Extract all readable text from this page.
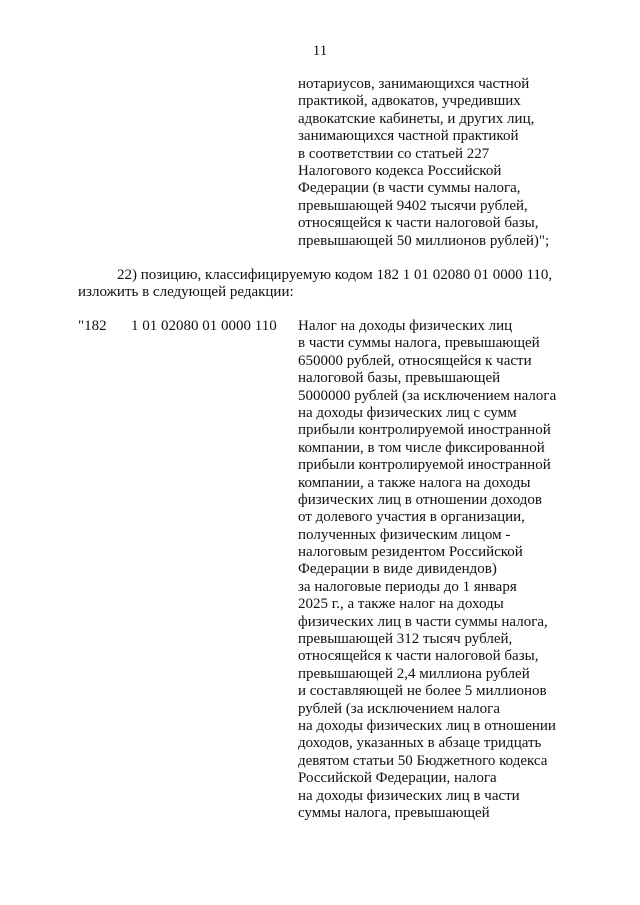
11
нотариусов, занимающихся частной
практикой, адвокатов, учредивших
адвокатские кабинеты, и других лиц,
занимающихся частной практикой
в соответствии со статьей 227
Налогового кодекса Российской
Федерации (в части суммы налога,
превышающей 9402 тысячи рублей,
относящейся к части налоговой базы,
превышающей 50 миллионов рублей)";
22) позицию, классифицируемую кодом 182 1 01 02080 01 0000 110,
изложить в следующей редакции:
"182 1 01 02080 01 0000 110 Налог на доходы физических лиц
в части суммы налога, превышающей
650000 рублей, относящейся к части
налоговой базы, превышающей
5000000 рублей (за исключением налога
на доходы физических лиц с сумм
прибыли контролируемой иностранной
компании, в том числе фиксированной
прибыли контролируемой иностранной
компании, а также налога на доходы
физических лиц в отношении доходов
от долевого участия в организации,
полученных физическим лицом -
налоговым резидентом Российской
Федерации в виде дивидендов)
за налоговые периоды до 1 января
2025 г., а также налог на доходы
физических лиц в части суммы налога,
превышающей 312 тысяч рублей,
относящейся к части налоговой базы,
превышающей 2,4 миллиона рублей
и составляющей не более 5 миллионов
рублей (за исключением налога
на доходы физических лиц в отношении
доходов, указанных в абзаце тридцать
девятом статьи 50 Бюджетного кодекса
Российской Федерации, налога
на доходы физических лиц в части
суммы налога, превышающей
